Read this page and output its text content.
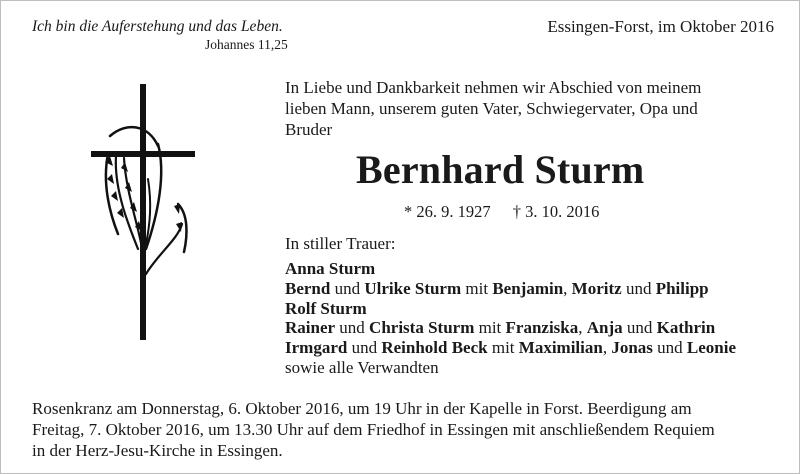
Ich bin die Auferstehung und das Leben.
Johannes 11,25
Essingen-Forst, im Oktober 2016
In Liebe und Dankbarkeit nehmen wir Abschied von meinem
lieben Mann, unserem guten Vater, Schwiegervater, Opa und
Bruder
Bernhard Sturm
* 26. 9. 1927 † 3. 10. 2016
In stiller Trauer:
Anna Sturm
Bernd und Ulrike Sturm mit Benjamin, Moritz und Philipp
Rolf Sturm
Rainer und Christa Sturm mit Franziska, Anja und Kathrin
Irmgard und Reinhold Beck mit Maximilian, Jonas und Leonie
sowie alle Verwandten
Rosenkranz am Donnerstag, 6. Oktober 2016, um 19 Uhr in der Kapelle in Forst. Beerdigung am
Freitag, 7. Oktober 2016, um 13.30 Uhr auf dem Friedhof in Essingen mit anschließendem Requiem
in der Herz-Jesu-Kirche in Essingen.
